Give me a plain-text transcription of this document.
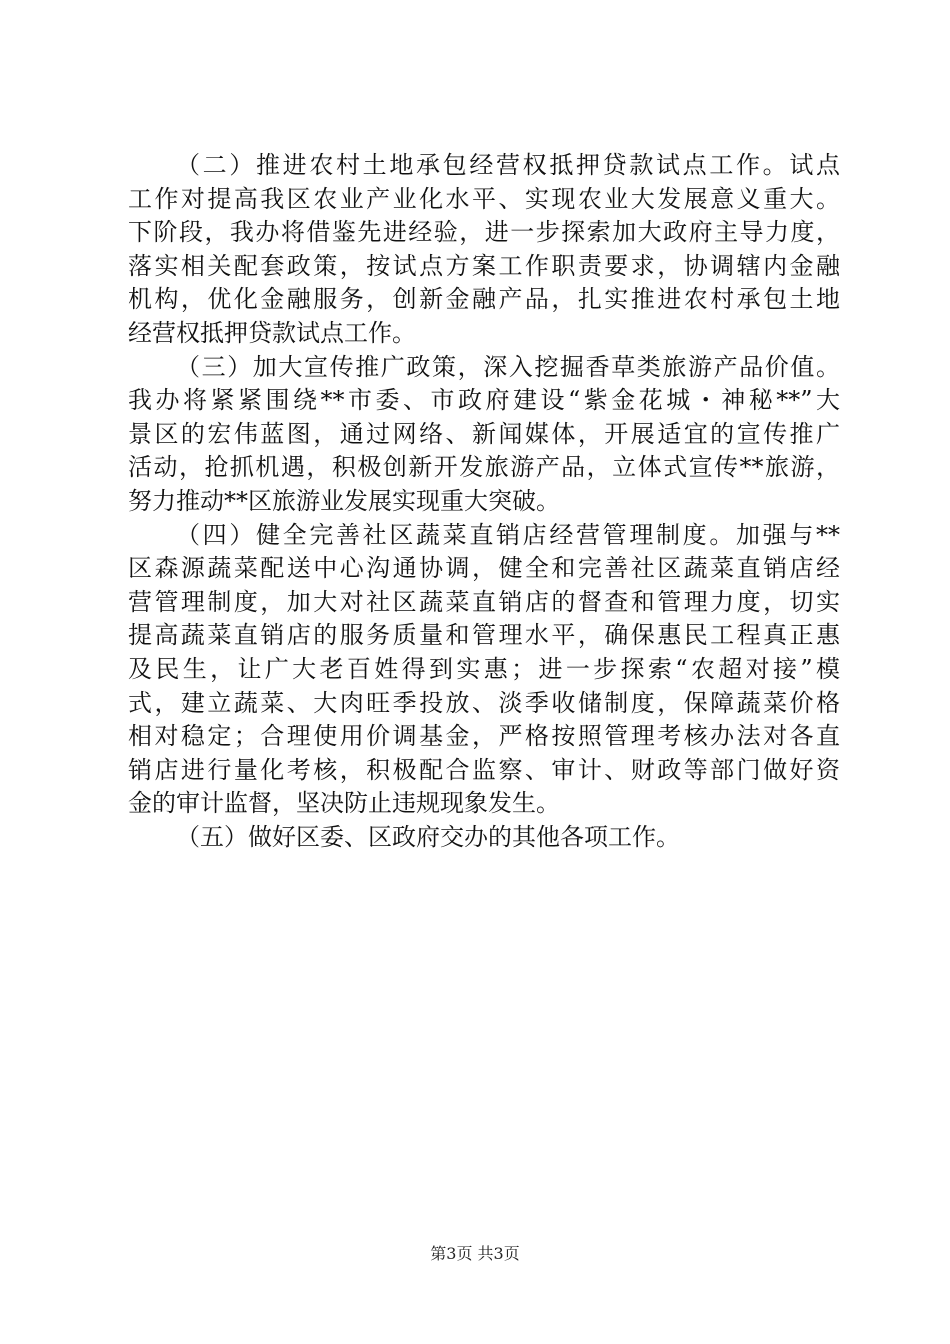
（二）推进农村土地承包经营权抵押贷款试点工作。试点
工作对提高我区农业产业化水平、实现农业大发展意义重大。
下阶段，我办将借鉴先进经验，进一步探索加大政府主导力度，
落实相关配套政策，按试点方案工作职责要求，协调辖内金融
机构，优化金融服务，创新金融产品，扎实推进农村承包土地
经营权抵押贷款试点工作。
（三）加大宣传推广政策，深入挖掘香草类旅游产品价值。
我办将紧紧围绕**市委、市政府建设“紫金花城・神秘**”大
景区的宏伟蓝图，通过网络、新闻媒体，开展适宜的宣传推广
活动，抢抓机遇，积极创新开发旅游产品，立体式宣传**旅游，
努力推动**区旅游业发展实现重大突破。
（四）健全完善社区蔬菜直销店经营管理制度。加强与**
区森源蔬菜配送中心沟通协调，健全和完善社区蔬菜直销店经
营管理制度，加大对社区蔬菜直销店的督查和管理力度，切实
提高蔬菜直销店的服务质量和管理水平，确保惠民工程真正惠
及民生，让广大老百姓得到实惠；进一步探索“农超对接”模
式，建立蔬菜、大肉旺季投放、淡季收储制度，保障蔬菜价格
相对稳定；合理使用价调基金，严格按照管理考核办法对各直
销店进行量化考核，积极配合监察、审计、财政等部门做好资
金的审计监督，坚决防止违规现象发生。
（五）做好区委、区政府交办的其他各项工作。
第3页 共3页
